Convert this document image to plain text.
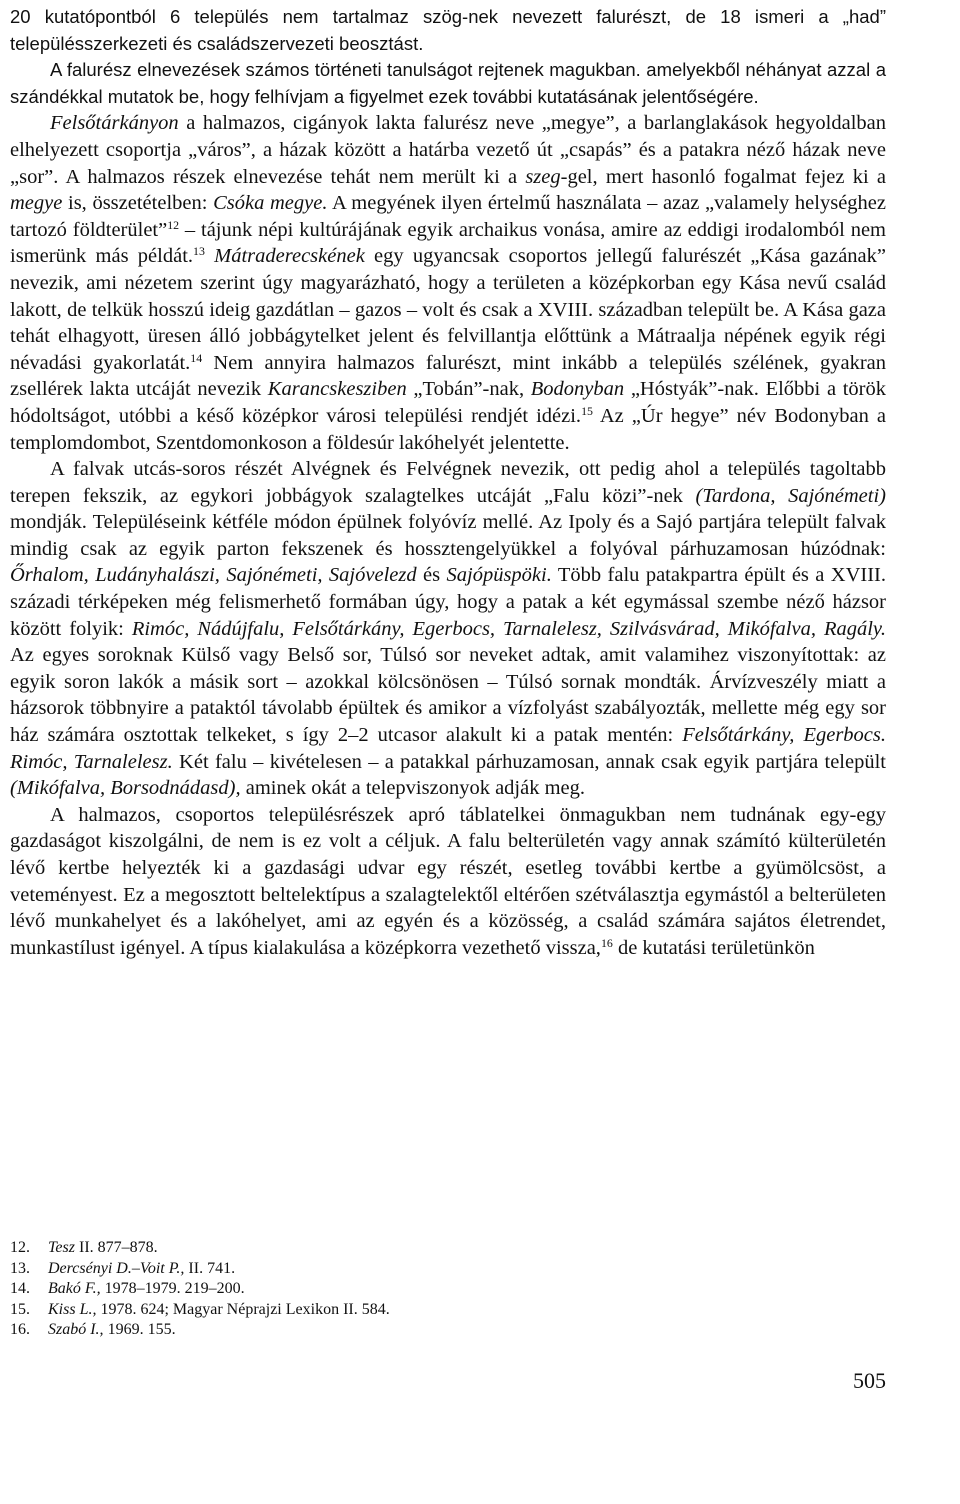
20 kutatópontból 6 település nem tartalmaz szög-nek nevezett falurészt, de 18 ismeri a „had” településszerkezeti és családszervezeti beosztást.

A falurész elnevezések számos történeti tanulságot rejtenek magukban. amelyekből néhányat azzal a szándékkal mutatok be, hogy felhívjam a figyelmet ezek további kutatásának jelentőségére.

Felsőtárkányon a halmazos, cigányok lakta falurész neve „megye”, a barlanglakások hegyoldalban elhelyezett csoportja „város”, a házak között a határba vezető út „csapás” és a patakra néző házak neve „sor”. A halmazos részek elnevezése tehát nem merült ki a szeg-gel, mert hasonló fogalmat fejez ki a megye is, összetételben: Csóka megye. A megyének ilyen értelmű használata – azaz „valamely helységhez tartozó földterület”$^{12}$ – tájunk népi kultúrájának egyik archaikus vonása, amire az eddigi irodalomból nem ismerünk más példát.$^{13}$ Mátraderecskének egy ugyancsak csoportos jellegű falurészét „Kása gazának” nevezik, ami nézetem szerint úgy magyarázható, hogy a területen a középkorban egy Kása nevű család lakott, de telkük hosszú ideig gazdátlan – gazos – volt és csak a XVIII. században települt be. A Kása gaza tehát elhagyott, üresen álló jobbágytelket jelent és felvillantja előttünk a Mátraalja népének egyik régi névadási gyakorlatát.$^{14}$ Nem annyira halmazos falurészt, mint inkább a település szélének, gyakran zsellérek lakta utcáját nevezik Karancskesziben „Tobán”-nak, Bodonyban „Hóstyák”-nak. Előbbi a török hódoltságot, utóbbi a késő középkor városi települési rendjét idézi.$^{15}$ Az „Úr hegye” név Bodonyban a templomdombot, Szentdomonkoson a földesúr lakóhelyét jelentette.

A falvak utcás-soros részét Alvégnek és Felvégnek nevezik, ott pedig ahol a település tagoltabb terepen fekszik, az egykori jobbágyok szalagtelkes utcáját „Falu közi”-nek (Tardona, Sajónémeti) mondják. Településeink kétféle módon épülnek folyóvíz mellé. Az Ipoly és a Sajó partjára települt falvak mindig csak az egyik parton fekszenek és hossztengelyükkel a folyóval párhuzamosan húzódnak: Őrhalom, Ludányhalászi, Sajónémeti, Sajóvelezd és Sajópüspöki. Több falu patakpartra épült és a XVIII. századi térképeken még felismerhető formában úgy, hogy a patak a két egymással szembe néző házsor között folyik: Rimóc, Nádújfalu, Felsőtárkány, Egerbocs, Tarnalelesz, Szilvásvárad, Mikófalva, Ragály. Az egyes soroknak Külső vagy Belső sor, Túlsó sor neveket adtak, amit valamihez viszonyítottak: az egyik soron lakók a másik sort – azokkal kölcsönösen – Túlsó sornak mondták. Árvízveszély miatt a házsorok többnyire a pataktól távolabb épültek és amikor a vízfolyást szabályozták, mellette még egy sor ház számára osztottak telkeket, s így 2–2 utcasor alakult ki a patak mentén: Felsőtárkány, Egerbocs. Rimóc, Tarnalelesz. Két falu – kivételesen – a patakkal párhuzamosan, annak csak egyik partjára települt (Mikófalva, Borsodnádasd), aminek okát a telepviszonyok adják meg.

A halmazos, csoportos településrészek apró táblatelkei önmagukban nem tudnának egy-egy gazdaságot kiszolgálni, de nem is ez volt a céljuk. A falu belterületén vagy annak számító külterületén lévő kertbe helyezték ki a gazdasági udvar egy részét, esetleg további kertbe a gyümölcsöst, a veteményest. Ez a megosztott beltelektípus a szalagtelektől eltérően szétválasztja egymástól a belterületen lévő munkahelyet és a lakóhelyet, ami az egyén és a közösség, a család számára sajátos életrendet, munkastílust igényel. A típus kialakulása a középkorra vezethető vissza,$^{16}$ de kutatási területünkön

12.	Tesz II. 877–878.

13.	Dercsényi D.–Voit P., II. 741.

14.	Bakó F., 1978–1979. 219–200.

15.	Kiss L., 1978. 624; Magyar Néprajzi Lexikon II. 584.

16.	Szabó I., 1969. 155.

505
